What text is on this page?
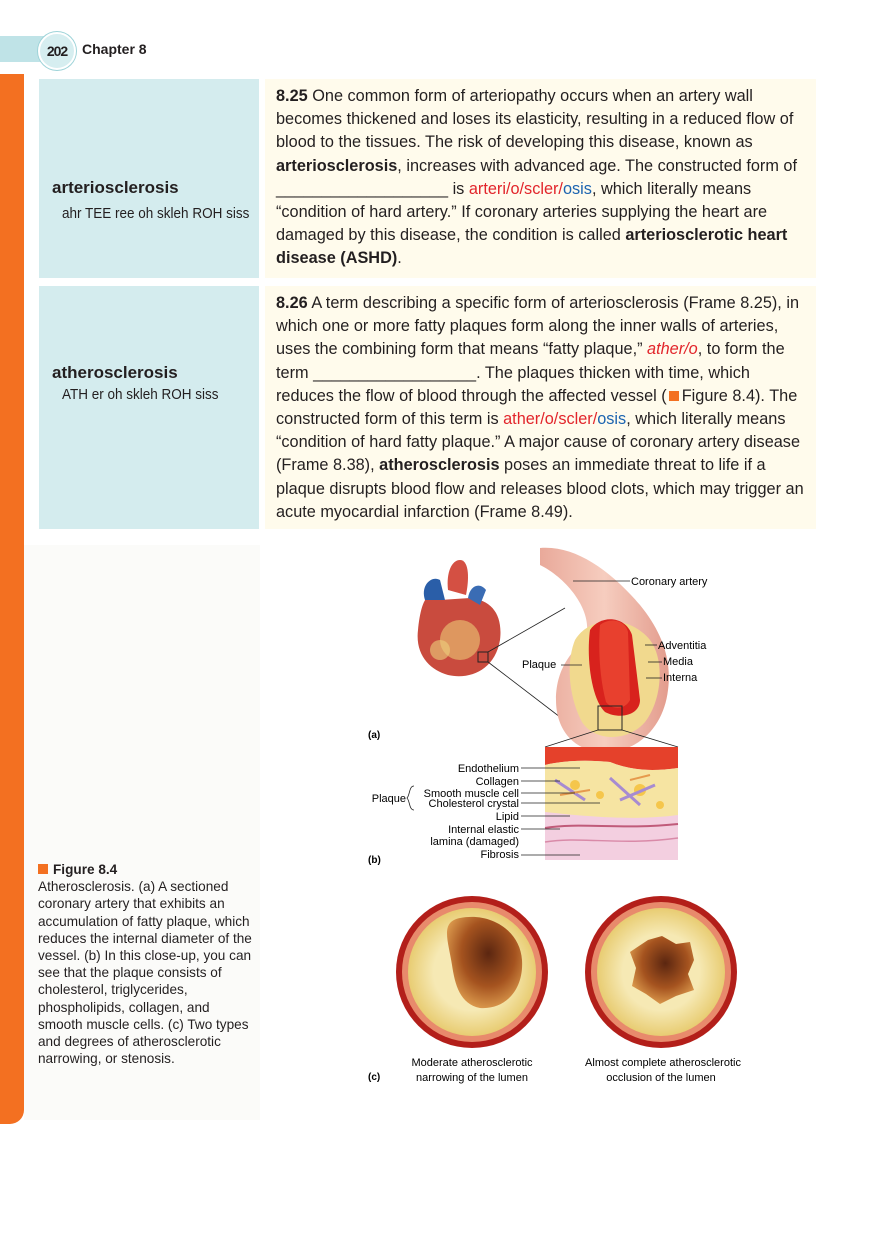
202	Chapter 8
arteriosclerosis
ahr TEE ree oh skleh ROH siss
8.25 One common form of arteriopathy occurs when an artery wall becomes thickened and loses its elasticity, resulting in a reduced flow of blood to the tissues. The risk of developing this disease, known as arteriosclerosis, increases with advanced age. The constructed form of ___________________ is arteri/o/scler/osis, which literally means “condition of hard artery.” If coronary arteries supplying the heart are damaged by this disease, the condition is called arteriosclerotic heart disease (ASHD).
atherosclerosis
ATH er oh skleh ROH siss
8.26 A term describing a specific form of arteriosclerosis (Frame 8.25), in which one or more fatty plaques form along the inner walls of arteries, uses the combining form that means “fatty plaque,” ather/o, to form the term __________________. The plaques thicken with time, which reduces the flow of blood through the affected vessel ( Figure 8.4). The constructed form of this term is ather/o/scler/osis, which literally means “condition of hard fatty plaque.” A major cause of coronary artery disease (Frame 8.38), atherosclerosis poses an immediate threat to life if a plaque disrupts blood flow and releases blood clots, which may trigger an acute myocardial infarction (Frame 8.49).
Figure 8.4
Atherosclerosis. (a) A sectioned coronary artery that exhibits an accumulation of fatty plaque, which reduces the internal diameter of the vessel. (b) In this close-up, you can see that the plaque consists of cholesterol, triglycerides, phospholipids, collagen, and smooth muscle cells. (c) Two types and degrees of atherosclerotic narrowing, or stenosis.
Coronary artery
Adventitia
Media
Interna
Plaque
(a)
Endothelium
Collagen
Smooth muscle cell
Cholesterol crystal
Lipid
Internal elastic
lamina (damaged)
Fibrosis
Plaque
(b)
Moderate atherosclerotic
narrowing of the lumen
Almost complete atherosclerotic
occlusion of the lumen
(c)
